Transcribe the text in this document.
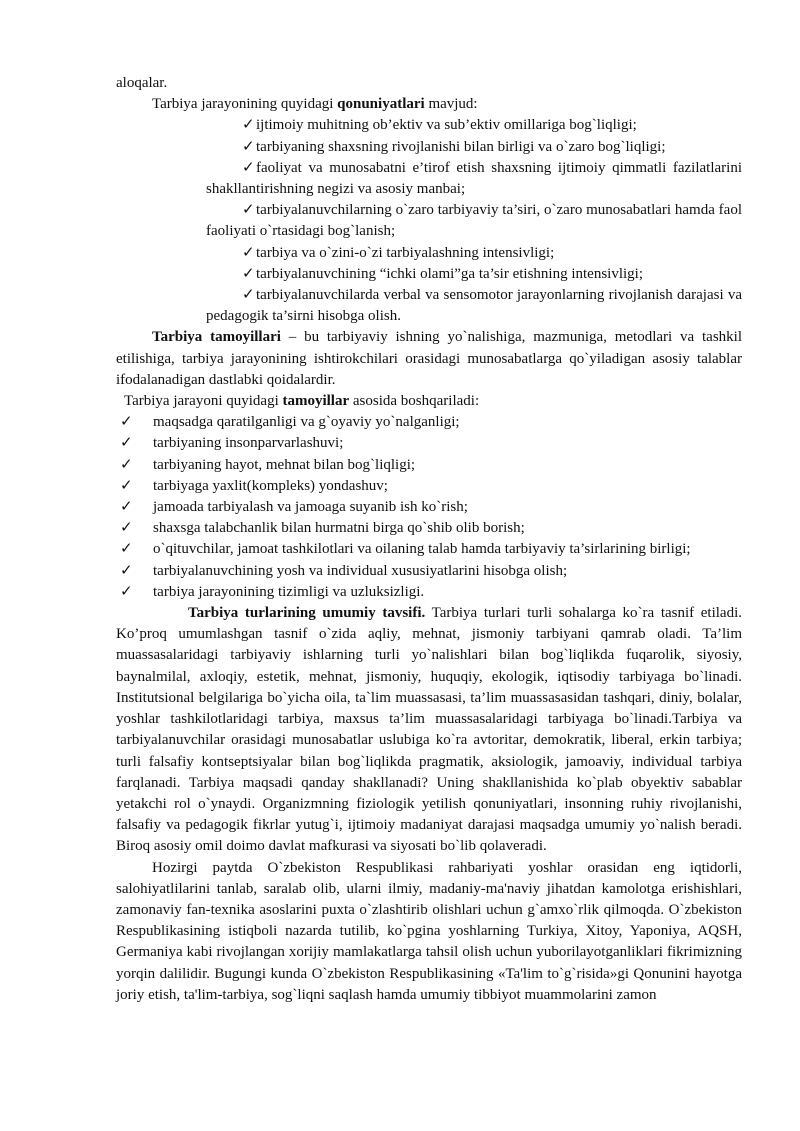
aloqalar.

Tarbiya jarayonining quyidagi qonuniyatlari mavjud:

✓ijtimoiy muhitning ob’ektiv va sub’ektiv omillariga bog`liqligi;

✓tarbiyaning shaxsning rivojlanishi bilan birligi va o`zaro bog`liqligi;

✓faoliyat va munosabatni e’tirof etish shaxsning ijtimoiy qimmatli fazilatlarini shakllantirishning negizi va asosiy manbai;

✓tarbiyalanuvchilarning o`zaro tarbiyaviy ta’siri, o`zaro munosabatlari hamda faol faoliyati o`rtasidagi bog`lanish;

✓tarbiya va o`zini-o`zi tarbiyalashning intensivligi;

✓tarbiyalanuvchining “ichki olami”ga ta’sir etishning intensivligi;

✓tarbiyalanuvchilarda verbal va sensomotor jarayonlarning rivojlanish darajasi va pedagogik ta’sirni hisobga olish.

Tarbiya tamoyillari – bu tarbiyaviy ishning yo`nalishiga, mazmuniga, metodlari va tashkil etilishiga, tarbiya jarayonining ishtirokchilari orasidagi munosabatlarga qo`yiladigan asosiy talablar ifodalanadigan dastlabki qoidalardir.

Tarbiya jarayoni quyidagi tamoyillar asosida boshqariladi:

✓ maqsadga qaratilganligi va g`oyaviy yo`nalganligi;

✓ tarbiyaning insonparvarlashuvi;

✓ tarbiyaning hayot, mehnat bilan bog`liqligi;

✓ tarbiyaga yaxlit(kompleks) yondashuv;

✓ jamoada tarbiyalash va jamoaga suyanib ish ko`rish;

✓ shaxsga talabchanlik bilan hurmatni birga qo`shib olib borish;

✓ o`qituvchilar, jamoat tashkilotlari va oilaning talab hamda tarbiyaviy ta’sirlarining birligi;

✓ tarbiyalanuvchining yosh va individual xususiyatlarini hisobga olish;

✓ tarbiya jarayonining tizimligi va uzluksizligi.

Tarbiya turlarining umumiy tavsifi. Tarbiya turlari turli sohalarga ko`ra tasnif etiladi. Ko’proq umumlashgan tasnif o`zida aqliy, mehnat, jismoniy tarbiyani qamrab oladi. Ta’lim muassasalaridagi tarbiyaviy ishlarning turli yo`nalishlari bilan bog`liqlikda fuqarolik, siyosiy, baynalmilal, axloqiy, estetik, mehnat, jismoniy, huquqiy, ekologik, iqtisodiy tarbiyaga bo`linadi. Institutsional belgilariga bo`yicha oila, ta`lim muassasasi, ta’lim muassasasidan tashqari, diniy, bolalar, yoshlar tashkilotlaridagi tarbiya, maxsus ta’lim muassasalaridagi tarbiyaga bo`linadi.Tarbiya va tarbiyalanuvchilar orasidagi munosabatlar uslubiga ko`ra avtoritar, demokratik, liberal, erkin tarbiya; turli falsafiy kontseptsiyalar bilan bog`liqlikda pragmatik, aksiologik, jamoaviy, individual tarbiya farqlanadi. Tarbiya maqsadi qanday shakllanadi? Uning shakllanishida ko`plab obyektiv sabablar yetakchi rol o`ynaydi. Organizmning fiziologik yetilish qonuniyatlari, insonning ruhiy rivojlanishi, falsafiy va pedagogik fikrlar yutug`i, ijtimoiy madaniyat darajasi maqsadga umumiy yo`nalish beradi. Biroq asosiy omil doimo davlat mafkurasi va siyosati bo`lib qolaveradi.

Hozirgi paytda O`zbekiston Respublikasi rahbariyati yoshlar orasidan eng iqtidorli, salohiyatlilarini tanlab, saralab olib, ularni ilmiy, madaniy-ma'naviy jihatdan kamolotga erishishlari, zamonaviy fan-texnika asoslarini puxta o`zlashtirib olishlari uchun g`amxo`rlik qilmoqda. O`zbekiston Respublikasining istiqboli nazarda tutilib, ko`pgina yoshlarning Turkiya, Xitoy, Yaponiya, AQSH, Germaniya kabi rivojlangan xorijiy mamlakatlarga tahsil olish uchun yuborilayotganliklari fikrimizning yorqin dalilidir. Bugungi kunda O`zbekiston Respublikasining «Ta'lim to`g`risida»gi Qonunini hayotga joriy etish, ta'lim-tarbiya, sog`liqni saqlash hamda umumiy tibbiyot muammolarini zamon
